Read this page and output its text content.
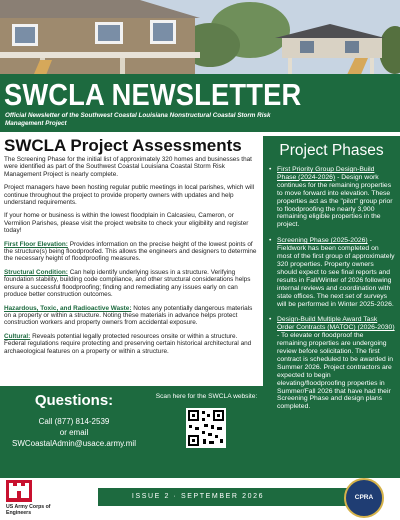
SWCLA NEWSLETTER
Official Newsletter of the Southwest Coastal Louisiana Nonstructural Coastal Storm Risk Management Project
SWCLA Project Assessments

The Screening Phase for the initial list of approximately 320 homes and businesses that were identified as part of the Southwest Coastal Louisiana Coastal Storm Risk Management Project is nearly complete.

Project managers have been hosting regular public meetings in local parishes, which will continue throughout the project to provide property owners with updates and help understand requirements.

If your home or business is within the lowest floodplain in Calcasieu, Cameron, or Vermilion Parishes, please visit the project website to check your eligibility and register today!

First Floor Elevation: Provides information on the precise height of the lowest points of the structure(s) being floodproofed. This allows the engineers and designers to determine the necessary height of floodproofing measures.

Structural Condition: Can help identify underlying issues in a structure. Verifying foundation stability, building code compliance, and other structural considerations helps ensure a successful floodproofing; finding and remediating any issues early on can produce better construction outcomes.

Hazardous, Toxic, and Radioactive Waste: Notes any potentially dangerous materials on a property or within a structure. Noting these materials in advance helps protect construction workers and property owners from accidental exposure.

Cultural: Reveals potential legally protected resources onsite or within a structure. Federal regulations require protecting and preserving certain historical architectural and archaeological features on a property or within a structure.

Project Phases
• First Priority Group Design-Build Phase (2024-2026) - Design work continues for the remaining properties to move forward into elevation. These properties act as the "pilot" group prior to floodproofing the nearly 3,900 remaining eligible properties in the project.
• Screening Phase (2025-2026) - Fieldwork has been completed on most of the first group of approximately 320 properties. Property owners should expect to see final reports and results in Fall/Winter of 2026 following internal reviews and coordination with state offices. The next set of surveys will be performed in Winter 2025-2026.
• Design-Build Multiple Award Task Order Contracts (MATOC) (2026-2030) - To elevate or floodproof the remaining properties are undergoing review before solicitation. The first contract is scheduled to be awarded in Summer 2026. Project contractors are expected to begin elevating/floodproofing properties in Summer/Fall 2026 that have had their Screening Phase and design plans completed.
Questions:
Call (877) 814-2539
or email
SWCoastalAdmin@usace.army.mil
Scan here for the SWCLA website:
US Army Corps of Engineers
ISSUE 2 · SEPTEMBER 2026	CPRA
